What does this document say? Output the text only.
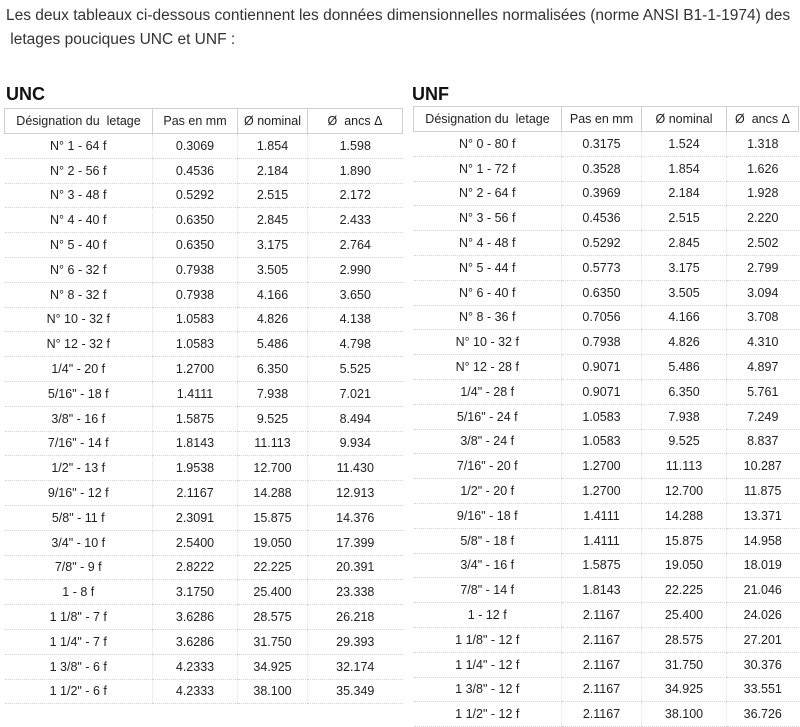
Les deux tableaux ci-dessous contiennent les données dimensionnelles normalisées (norme ANSI B1-1-1974) des  letages pouciques UNC et UNF :

UNC
Désignation du  letage	Pas en mm	Ø nominal	Ø  ancs Δ
N° 1 - 64 f	0.3069	1.854	1.598
N° 2 - 56 f	0.4536	2.184	1.890
N° 3 - 48 f	0.5292	2.515	2.172
N° 4 - 40 f	0.6350	2.845	2.433
N° 5 - 40 f	0.6350	3.175	2.764
N° 6 - 32 f	0.7938	3.505	2.990
N° 8 - 32 f	0.7938	4.166	3.650
N° 10 - 32 f	1.0583	4.826	4.138
N° 12 - 32 f	1.0583	5.486	4.798
1/4" - 20 f	1.2700	6.350	5.525
5/16" - 18 f	1.4111	7.938	7.021
3/8" - 16 f	1.5875	9.525	8.494
7/16" - 14 f	1.8143	11.113	9.934
1/2" - 13 f	1.9538	12.700	11.430
9/16" - 12 f	2.1167	14.288	12.913
5/8" - 11 f	2.3091	15.875	14.376
3/4" - 10 f	2.5400	19.050	17.399
7/8" - 9 f	2.8222	22.225	20.391
1 - 8 f	3.1750	25.400	23.338
1 1/8" - 7 f	3.6286	28.575	26.218
1 1/4" - 7 f	3.6286	31.750	29.393
1 3/8" - 6 f	4.2333	34.925	32.174
1 1/2" - 6 f	4.2333	38.100	35.349
UNF
Désignation du  letage	Pas en mm	Ø nominal	Ø  ancs Δ
N° 0 - 80 f	0.3175	1.524	1.318
N° 1 - 72 f	0.3528	1.854	1.626
N° 2 - 64 f	0.3969	2.184	1.928
N° 3 - 56 f	0.4536	2.515	2.220
N° 4 - 48 f	0.5292	2.845	2.502
N° 5 - 44 f	0.5773	3.175	2.799
N° 6 - 40 f	0.6350	3.505	3.094
N° 8 - 36 f	0.7056	4.166	3.708
N° 10 - 32 f	0.7938	4.826	4.310
N° 12 - 28 f	0.9071	5.486	4.897
1/4" - 28 f	0.9071	6.350	5.761
5/16" - 24 f	1.0583	7.938	7.249
3/8" - 24 f	1.0583	9.525	8.837
7/16" - 20 f	1.2700	11.113	10.287
1/2" - 20 f	1.2700	12.700	11.875
9/16" - 18 f	1.4111	14.288	13.371
5/8" - 18 f	1.4111	15.875	14.958
3/4" - 16 f	1.5875	19.050	18.019
7/8" - 14 f	1.8143	22.225	21.046
1 - 12 f	2.1167	25.400	24.026
1 1/8" - 12 f	2.1167	28.575	27.201
1 1/4" - 12 f	2.1167	31.750	30.376
1 3/8" - 12 f	2.1167	34.925	33.551
1 1/2" - 12 f	2.1167	38.100	36.726
